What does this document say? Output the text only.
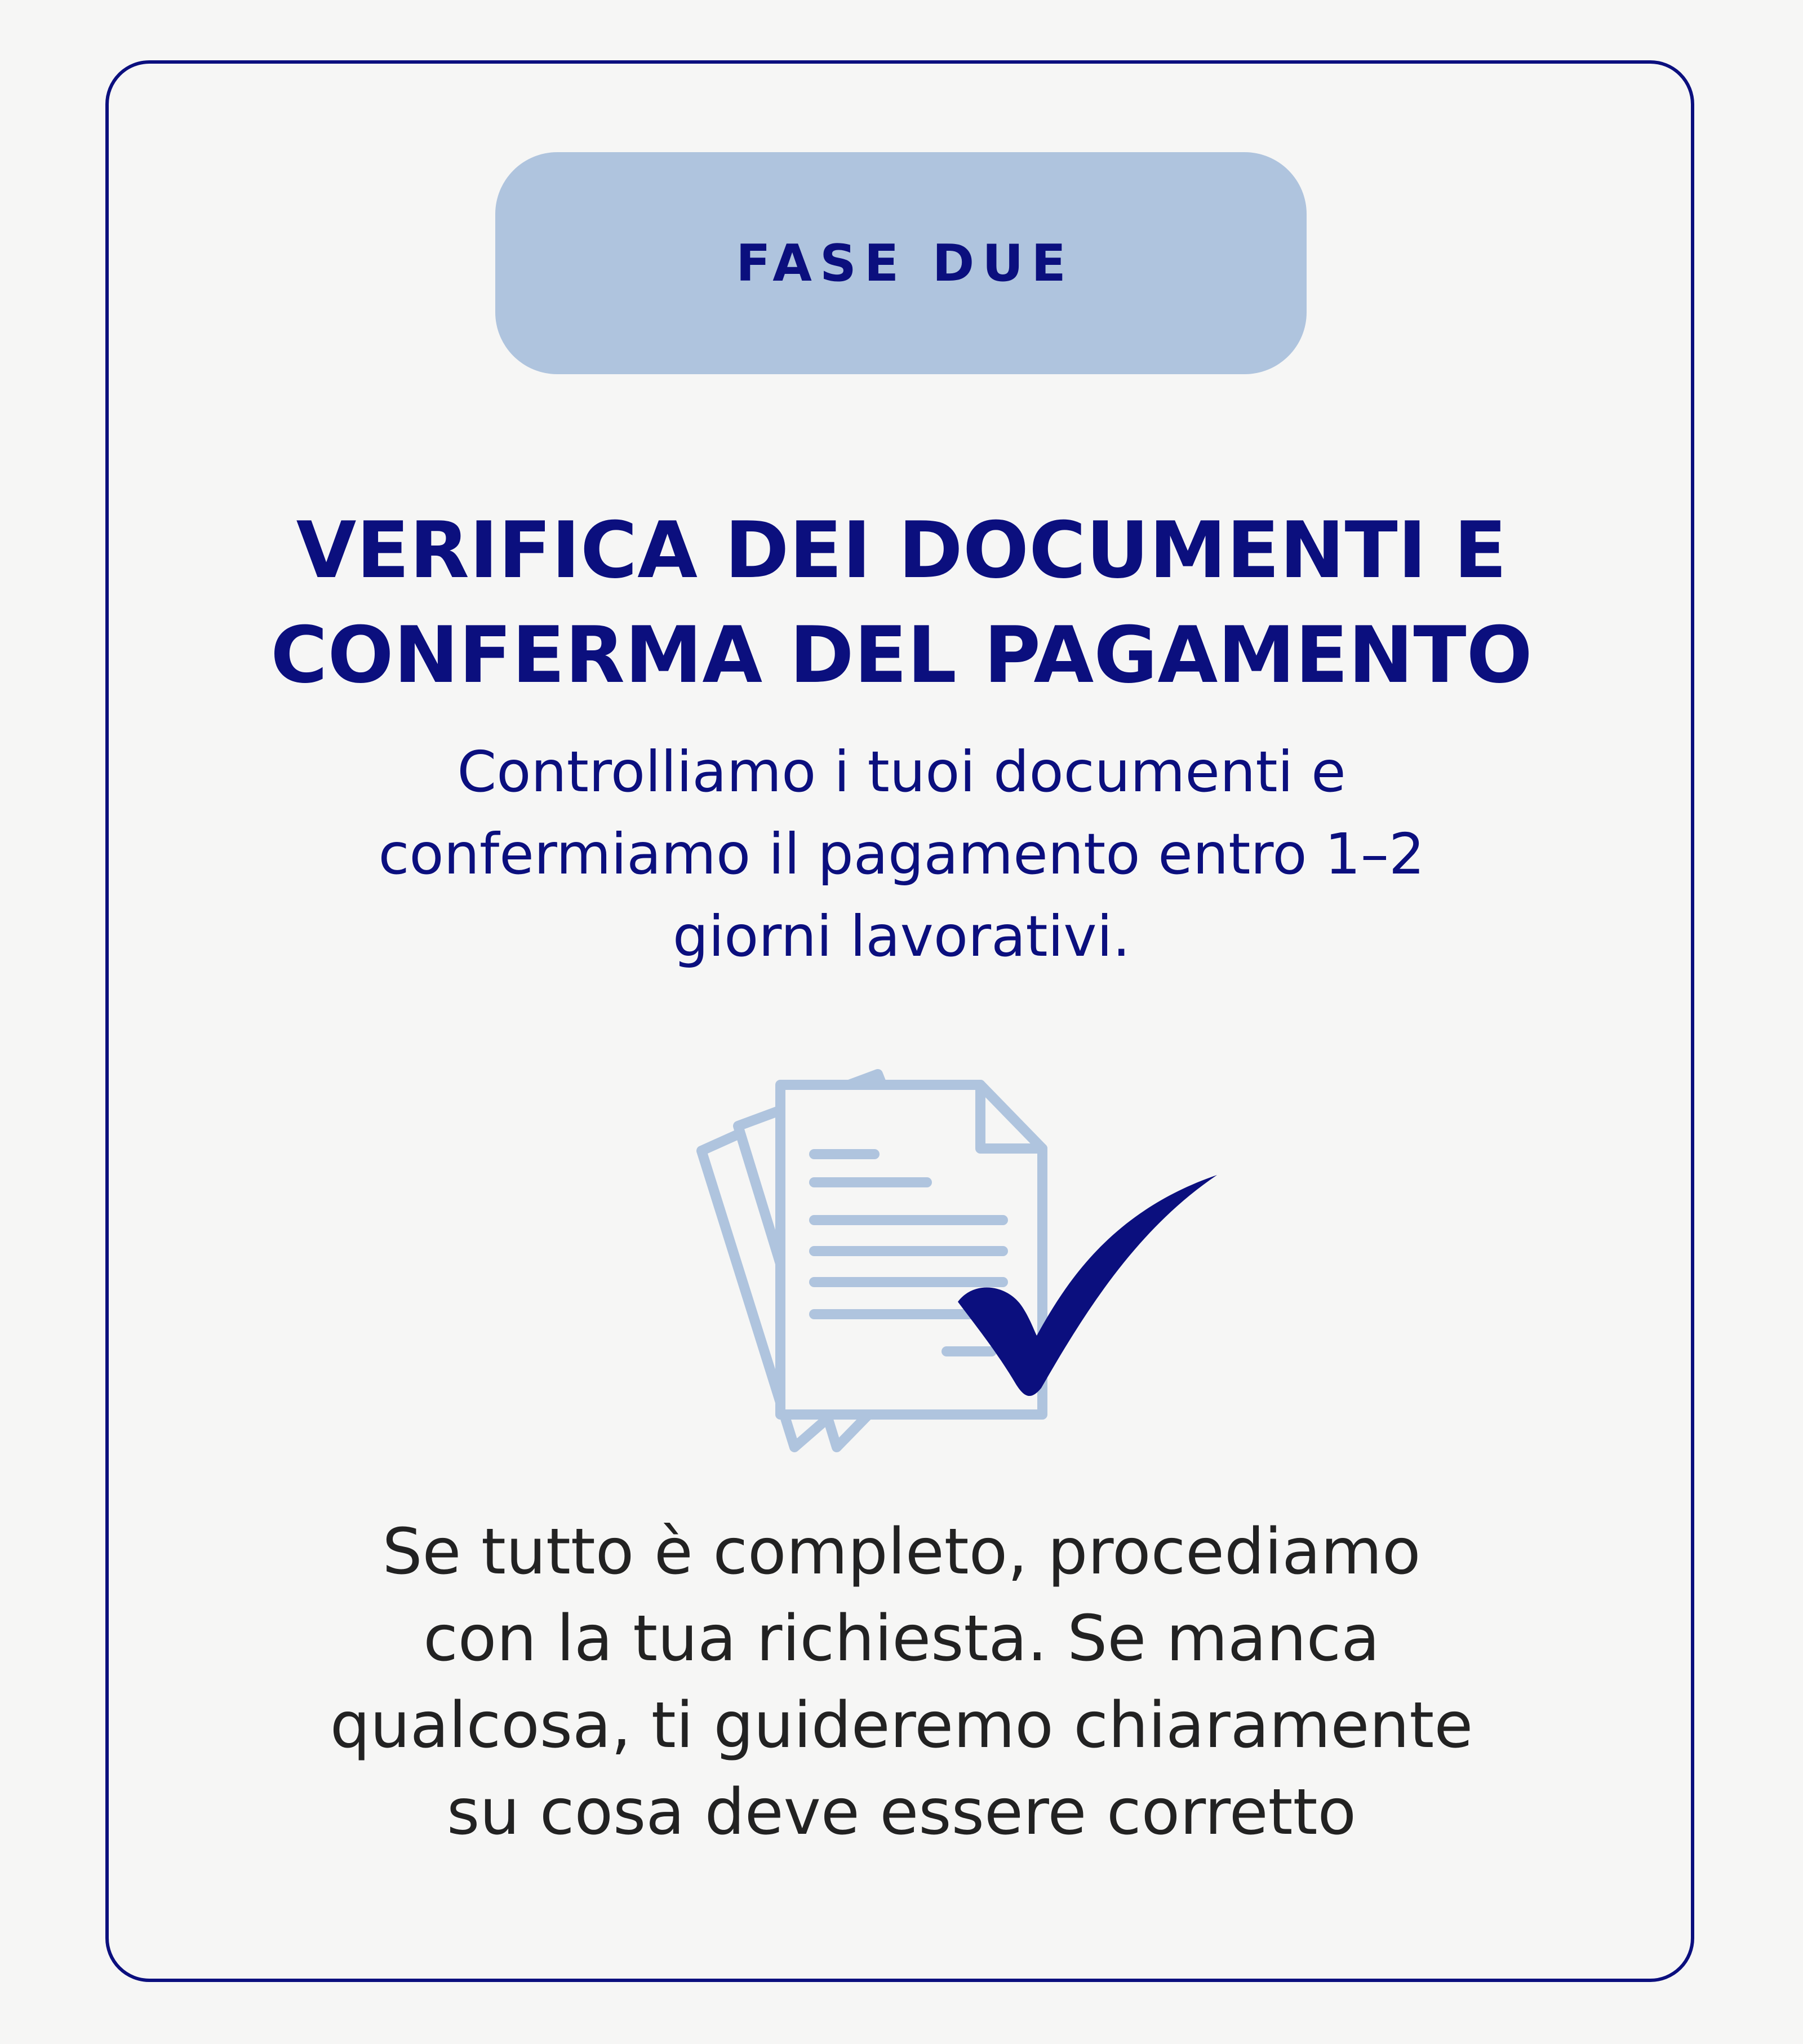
FASE DUE
VERIFICA DEI DOCUMENTI E
CONFERMA DEL PAGAMENTO
Controlliamo i tuoi documenti e
confermiamo il pagamento entro 1–2
giorni lavorativi.
Se tutto è completo, procediamo
con la tua richiesta. Se manca
qualcosa, ti guideremo chiaramente
su cosa deve essere corretto
